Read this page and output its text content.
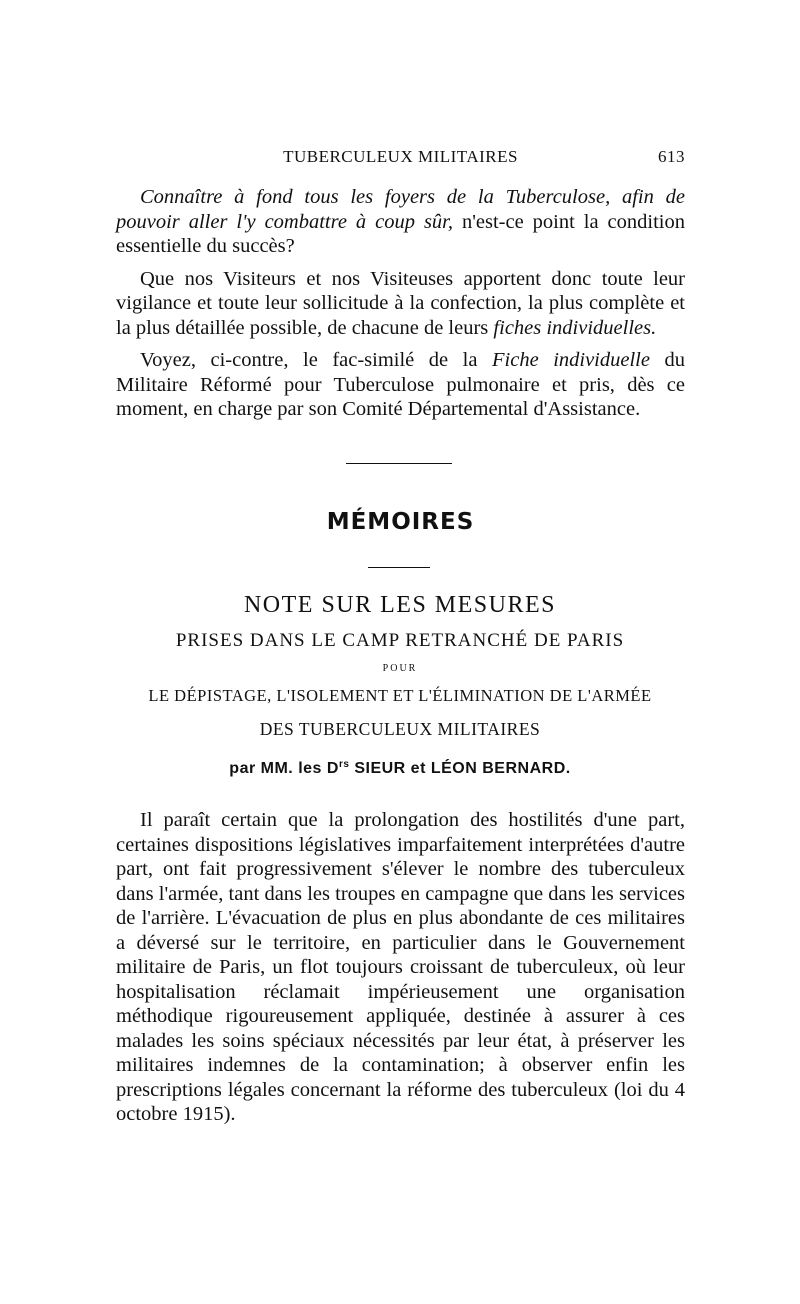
TUBERCULEUX MILITAIRES	613

Connaître à fond tous les foyers de la Tuberculose, afin de pouvoir aller l'y combattre à coup sûr, n'est-ce point la condition essentielle du succès?

Que nos Visiteurs et nos Visiteuses apportent donc toute leur vigilance et toute leur sollicitude à la confection, la plus complète et la plus détaillée possible, de chacune de leurs fiches individuelles.

Voyez, ci-contre, le fac-similé de la Fiche individuelle du Militaire Réformé pour Tuberculose pulmonaire et pris, dès ce moment, en charge par son Comité Départemental d'Assistance.

MÉMOIRES
NOTE SUR LES MESURES
PRISES DANS LE CAMP RETRANCHÉ DE PARIS
POUR
LE DÉPISTAGE, L'ISOLEMENT ET L'ÉLIMINATION DE L'ARMÉE
DES TUBERCULEUX MILITAIRES
par MM. les $D^{rs}$ SIEUR et LÉON BERNARD.

Il paraît certain que la prolongation des hostilités d'une part, certaines dispositions législatives imparfaitement interprétées d'autre part, ont fait progressivement s'élever le nombre des tuberculeux dans l'armée, tant dans les troupes en campagne que dans les services de l'arrière. L'évacuation de plus en plus abondante de ces militaires a déversé sur le territoire, en particulier dans le Gouvernement militaire de Paris, un flot toujours croissant de tuberculeux, où leur hospitalisation réclamait impérieusement une organisation méthodique rigoureusement appliquée, destinée à assurer à ces malades les soins spéciaux nécessités par leur état, à préserver les militaires indemnes de la contamination; à observer enfin les prescriptions légales concernant la réforme des tuberculeux (loi du 4 octobre 1915).
